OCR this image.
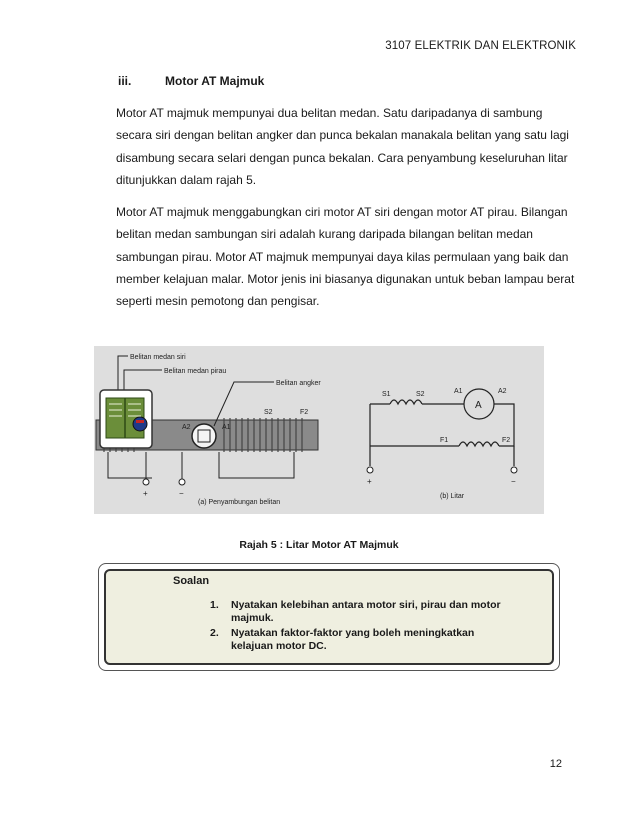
3107 ELEKTRIK DAN ELEKTRONIK
iii.	Motor AT Majmuk

Motor AT majmuk mempunyai dua belitan medan. Satu daripadanya di sambung secara siri dengan belitan angker dan punca bekalan manakala belitan yang satu lagi disambung secara selari dengan punca bekalan. Cara penyambung keseluruhan litar ditunjukkan dalam rajah 5.

Motor AT majmuk menggabungkan ciri motor AT siri dengan motor AT pirau. Bilangan belitan medan sambungan siri adalah kurang daripada bilangan belitan medan sambungan pirau. Motor AT majmuk mempunyai daya kilas permulaan yang baik dan member kelajuan malar. Motor jenis ini biasanya digunakan untuk beban lampau berat seperti mesin pemotong dan pengisar.

Belitan medan siri
Belitan medan pirau
Belitan angker
A2	A1
S2	F2
+	−
(a) Penyambungan belitan
A
S1	S2	A1	A2
F1	F2
+	−
(b) Litar
Rajah 5 : Litar Motor AT Majmuk
Soalan
1. Nyatakan kelebihan antara motor siri, pirau dan motor majmuk.
2. Nyatakan faktor-faktor yang boleh meningkatkan kelajuan motor DC.
12
